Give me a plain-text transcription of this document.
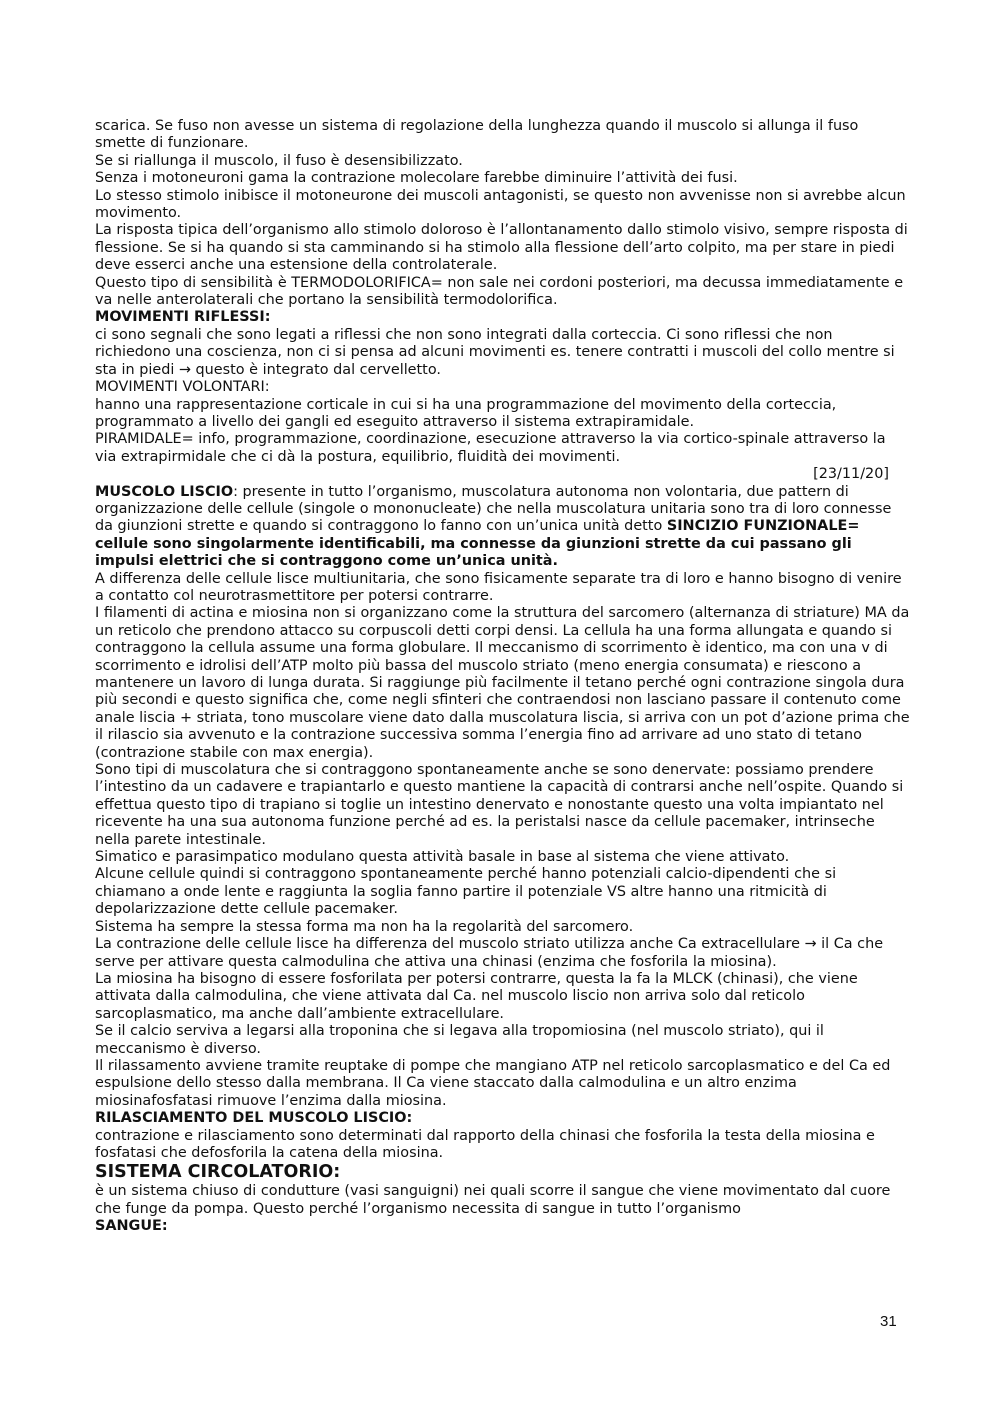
scarica. Se fuso non avesse un sistema di regolazione della lunghezza quando il muscolo si allunga il fuso smette di funzionare.

Se si riallunga il muscolo, il fuso è desensibilizzato.

Senza i motoneuroni gama la contrazione molecolare farebbe diminuire l’attività dei fusi.

Lo stesso stimolo inibisce il motoneurone dei muscoli antagonisti, se questo non avvenisse non si avrebbe alcun movimento.

La risposta tipica dell’organismo allo stimolo doloroso è l’allontanamento dallo stimolo visivo, sempre risposta di flessione. Se si ha quando si sta camminando si ha stimolo alla flessione dell’arto colpito, ma per stare in piedi deve esserci anche una estensione della controlaterale.

Questo tipo di sensibilità è TERMODOLORIFICA= non sale nei cordoni posteriori, ma decussa immediatamente e va nelle anterolaterali che portano la sensibilità termodolorifica.

MOVIMENTI RIFLESSI:

ci sono segnali che sono legati a riflessi che non sono integrati dalla corteccia. Ci sono riflessi che non richiedono una coscienza, non ci si pensa ad alcuni movimenti es. tenere contratti i muscoli del collo mentre si sta in piedi → questo è integrato dal cervelletto.

MOVIMENTI VOLONTARI:

hanno una rappresentazione corticale in cui si ha una programmazione del movimento della corteccia, programmato a livello dei gangli ed eseguito attraverso il sistema extrapiramidale.

PIRAMIDALE= info, programmazione, coordinazione, esecuzione attraverso la via cortico-spinale attraverso la via extrapirmidale che ci dà la postura, equilibrio, fluidità dei movimenti.

[23/11/20]

MUSCOLO LISCIO: presente in tutto l’organismo, muscolatura autonoma non volontaria, due pattern di organizzazione delle cellule (singole o mononucleate) che nella muscolatura unitaria sono tra di loro connesse da giunzioni strette e quando si contraggono lo fanno con un’unica unità detto SINCIZIO FUNZIONALE= cellule sono singolarmente identificabili, ma connesse da giunzioni strette da cui passano gli impulsi elettrici che si contraggono come un’unica unità.

A differenza delle cellule lisce multiunitaria, che sono fisicamente separate tra di loro e hanno bisogno di venire a contatto col neurotrasmettitore per potersi contrarre.

I filamenti di actina e miosina non si organizzano come la struttura del sarcomero (alternanza di striature) MA da un reticolo che prendono attacco su corpuscoli detti corpi densi. La cellula ha una forma allungata e quando si contraggono la cellula assume una forma globulare. Il meccanismo di scorrimento è identico, ma con una v di scorrimento e idrolisi dell’ATP molto più bassa del muscolo striato (meno energia consumata) e riescono a mantenere un lavoro di lunga durata. Si raggiunge più facilmente il tetano perché ogni contrazione singola dura più secondi e questo significa che, come negli sfinteri che contraendosi non lasciano passare il contenuto come anale liscia + striata, tono muscolare viene dato dalla muscolatura liscia, si arriva con un pot d’azione prima che il rilascio sia avvenuto e la contrazione successiva somma l’energia fino ad arrivare ad uno stato di tetano (contrazione stabile con max energia).

Sono tipi di muscolatura che si contraggono spontaneamente anche se sono denervate: possiamo prendere l’intestino da un cadavere e trapiantarlo e questo mantiene la capacità di contrarsi anche nell’ospite. Quando si effettua questo tipo di trapiano si toglie un intestino denervato e nonostante questo una volta impiantato nel ricevente ha una sua autonoma funzione perché ad es. la peristalsi nasce da cellule pacemaker, intrinseche nella parete intestinale.

Simatico e parasimpatico modulano questa attività basale in base al sistema che viene attivato.

Alcune cellule quindi si contraggono spontaneamente perché hanno potenziali calcio-dipendenti che si chiamano a onde lente e raggiunta la soglia fanno partire il potenziale VS altre hanno una ritmicità di depolarizzazione dette cellule pacemaker.

Sistema ha sempre la stessa forma ma non ha la regolarità del sarcomero.

La contrazione delle cellule lisce ha differenza del muscolo striato utilizza anche Ca extracellulare → il Ca che serve per attivare questa calmodulina che attiva una chinasi (enzima che fosforila la miosina).

La miosina ha bisogno di essere fosforilata per potersi contrarre, questa la fa la MLCK (chinasi), che viene attivata dalla calmodulina, che viene attivata dal Ca. nel muscolo liscio non arriva solo dal reticolo sarcoplasmatico, ma anche dall’ambiente extracellulare.

Se il calcio serviva a legarsi alla troponina che si legava alla tropomiosina (nel muscolo striato), qui il meccanismo è diverso.

Il rilassamento avviene tramite reuptake di pompe che mangiano ATP nel reticolo sarcoplasmatico e del Ca ed espulsione dello stesso dalla membrana. Il Ca viene staccato dalla calmodulina e un altro enzima miosinafosfatasi rimuove l’enzima dalla miosina.

RILASCIAMENTO DEL MUSCOLO LISCIO:

contrazione e rilasciamento sono determinati dal rapporto della chinasi che fosforila la testa della miosina e fosfatasi che defosforila la catena della miosina.

SISTEMA CIRCOLATORIO:

è un sistema chiuso di condutture (vasi sanguigni) nei quali scorre il sangue che viene movimentato dal cuore che funge da pompa. Questo perché l’organismo necessita di sangue in tutto l’organismo

SANGUE:

31
